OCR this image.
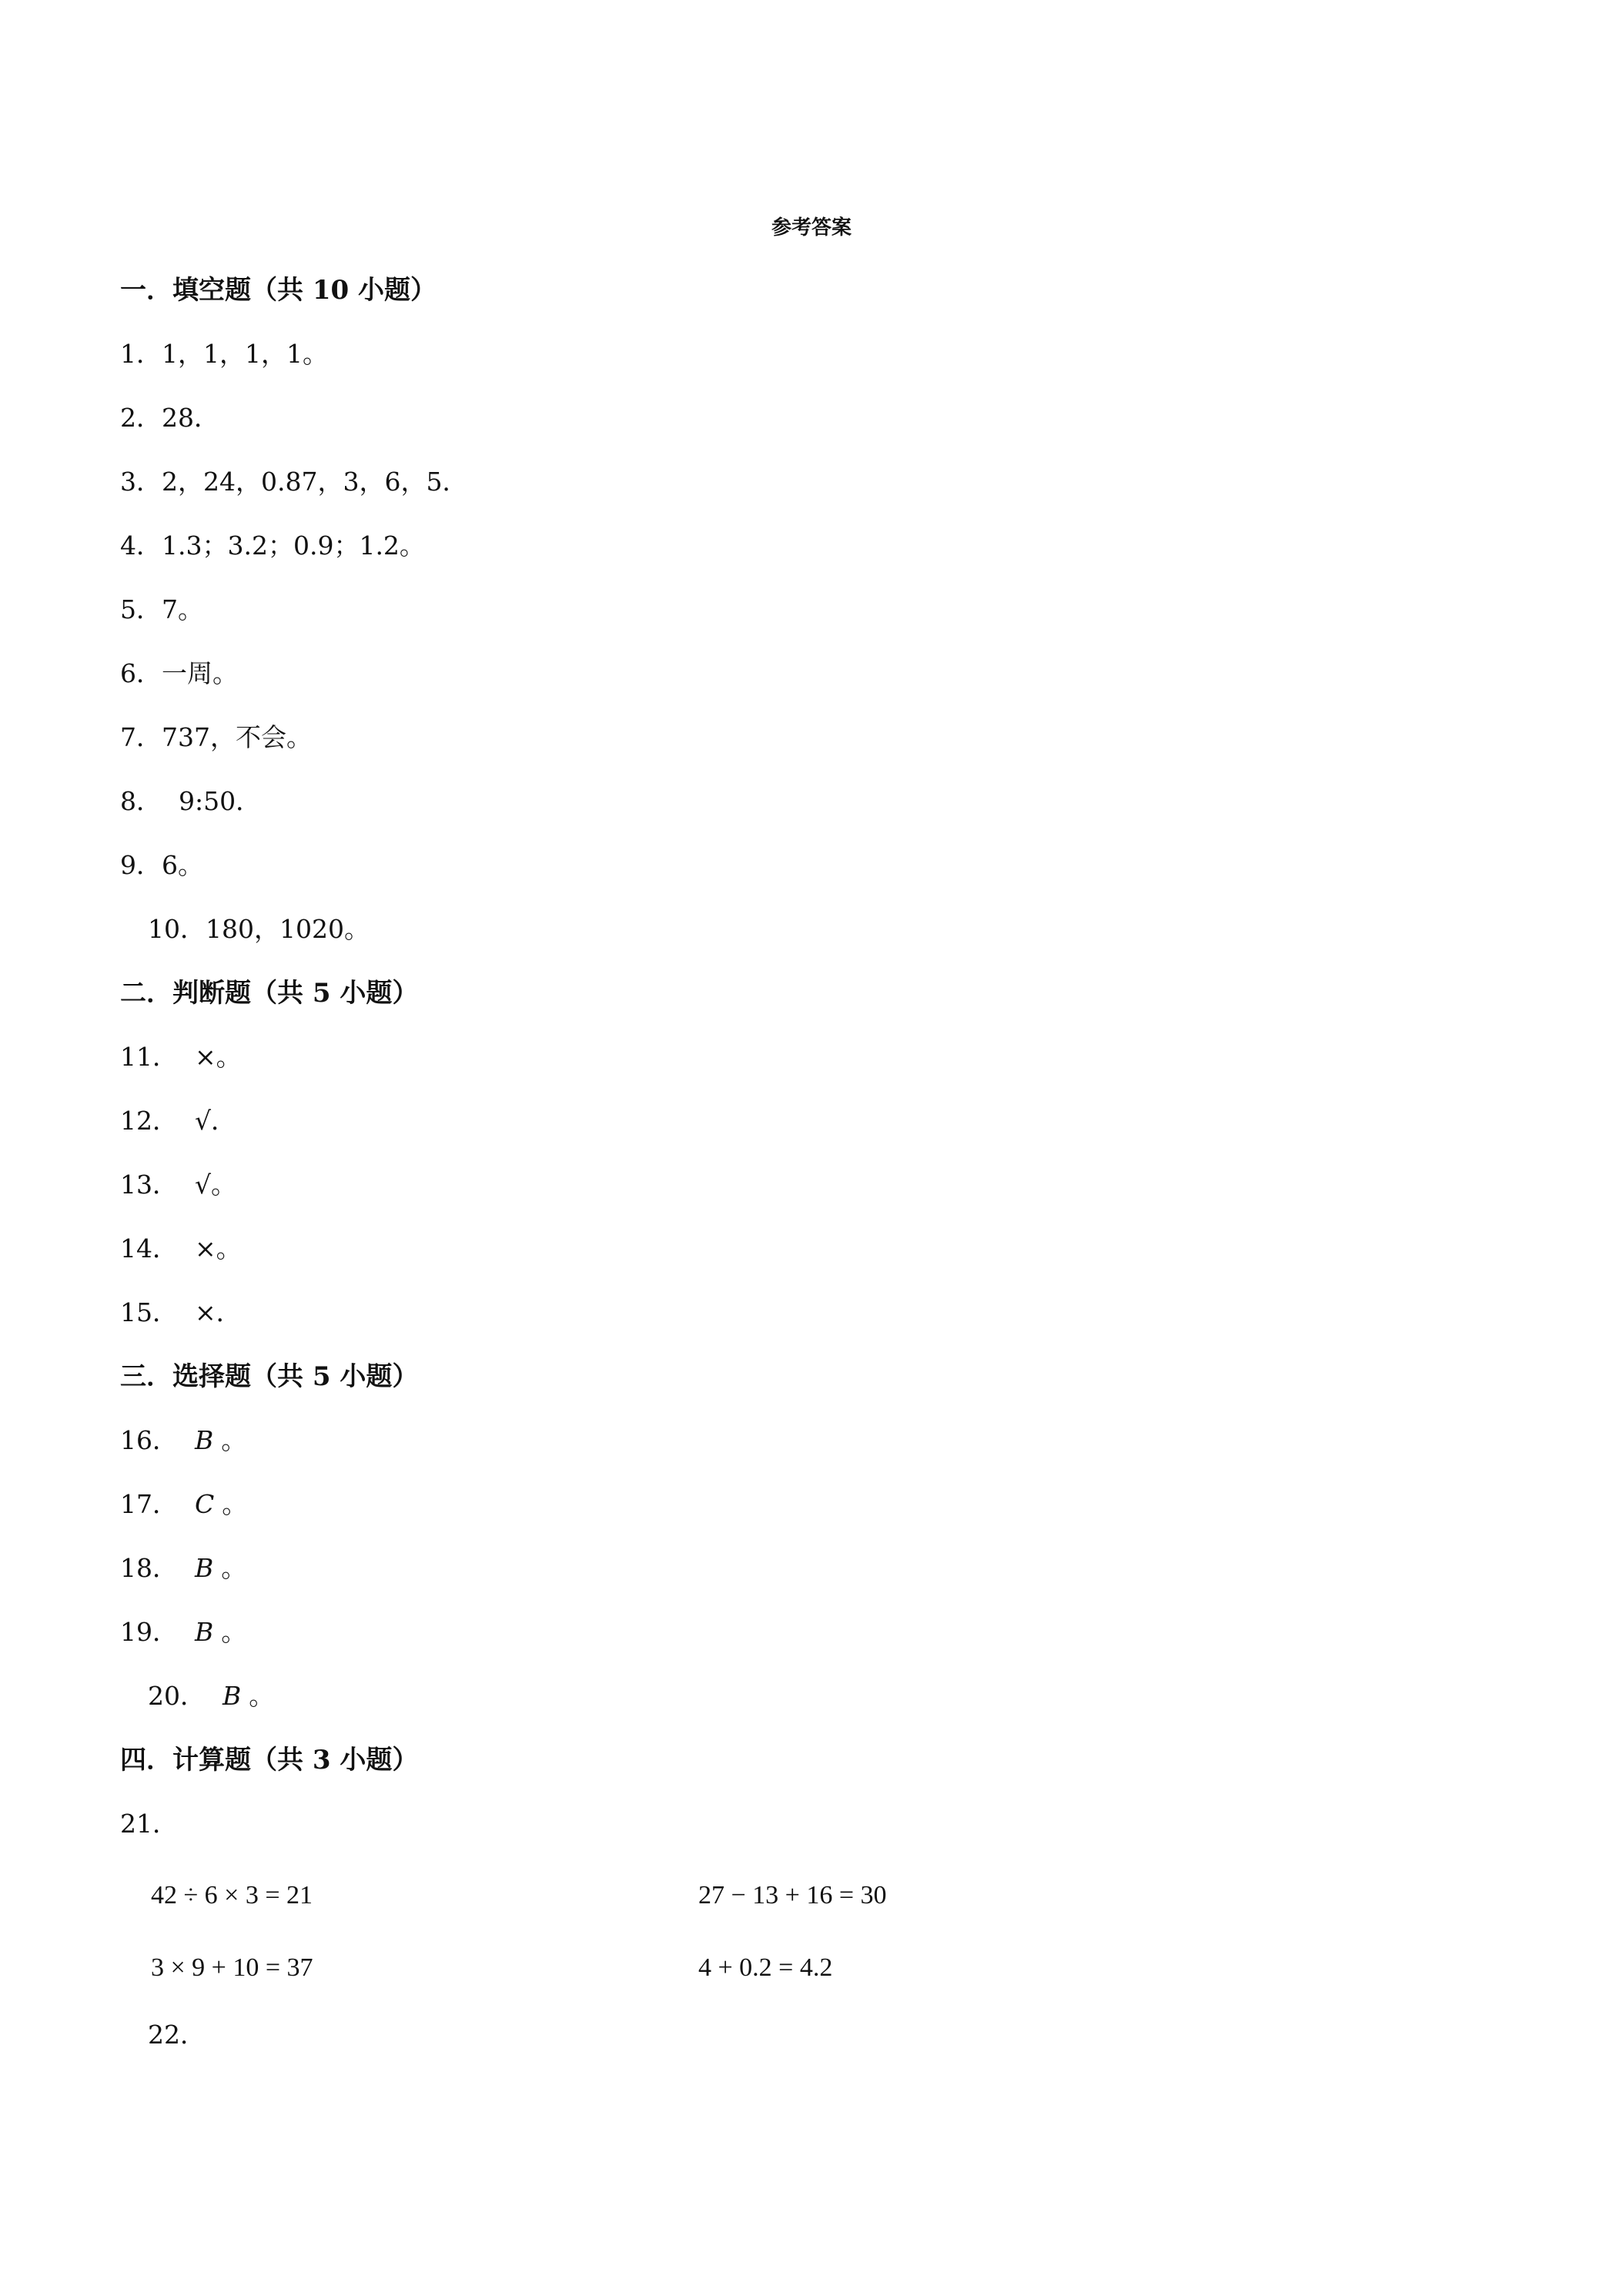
参考答案
一．填空题（共 10 小题）
1．1，1，1，1。
2．28．
3．2，24，0.87，3，6，5．
4．1.3；3.2；0.9；1.2。
5．7。
6．一周。
7．737，不会。
8． 9:50．
9．6。
10．180，1020。
二．判断题（共 5 小题）
11． ×。
12． √．
13． √。
14． ×。
15． ×．
三．选择题（共 5 小题）
16． B 。
17． C 。
18． B 。
19． B 。
20． B 。
四．计算题（共 3 小题）
21．
42 ÷ 6 × 3 = 21	27 − 13 + 16 = 30
3 × 9 + 10 = 37	4 + 0.2 = 4.2
22．
